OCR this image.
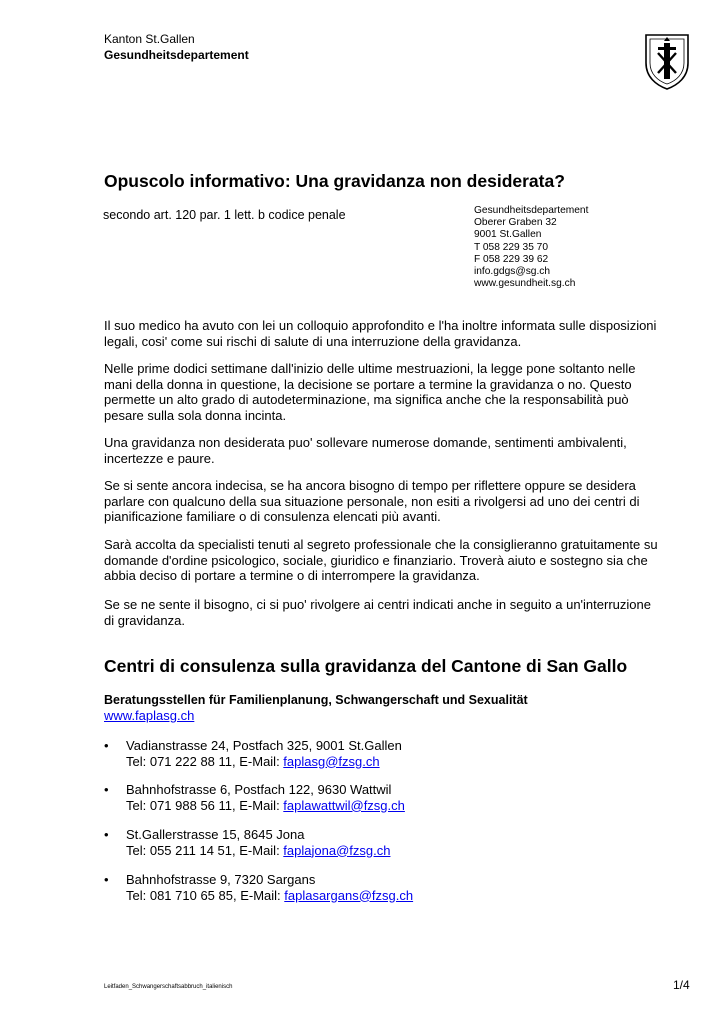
Kanton St.Gallen
Gesundheitsdepartement
Opuscolo informativo: Una gravidanza non desiderata?
secondo art. 120 par. 1 lett. b codice penale	Gesundheitsdepartement
Oberer Graben 32
9001 St.Gallen
T 058 229 35 70
F 058 229 39 62
info.gdgs@sg.ch
www.gesundheit.sg.ch
Il suo medico ha avuto con lei un colloquio approfondito e l'ha inoltre informata sulle disposizioni legali, cosi' come sui rischi di salute di una interruzione della gravidanza.
Nelle prime dodici settimane dall'inizio delle ultime mestruazioni, la legge pone soltanto nelle mani della donna in questione, la decisione se portare a termine la gravidanza o no. Questo permette un alto grado di autodeterminazione, ma significa anche che la responsabilità può pesare sulla sola donna incinta.
Una gravidanza non desiderata puo' sollevare numerose domande, sentimenti ambivalenti, incertezze e paure.
Se si sente ancora indecisa, se ha ancora bisogno di tempo per riflettere oppure se desidera parlare con qualcuno della sua situazione personale, non esiti a rivolgersi ad uno dei centri di pianificazione familiare o di consulenza elencati più avanti.
Sarà accolta da specialisti tenuti al segreto professionale che la consiglieranno gratuitamente su domande d'ordine psicologico, sociale, giuridico e finanziario. Troverà aiuto e sostegno sia che abbia deciso di portare a termine o di interrompere la gravidanza.
Se se ne sente il bisogno, ci si puo' rivolgere ai centri indicati anche in seguito a un'interruzione di gravidanza.
Centri di consulenza sulla gravidanza del Cantone di San Gallo
Beratungsstellen für Familienplanung, Schwangerschaft und Sexualität
www.faplasg.ch
• Vadianstrasse 24, Postfach 325, 9001 St.Gallen
Tel: 071 222 88 11, E-Mail: faplasg@fzsg.ch
• Bahnhofstrasse 6, Postfach 122, 9630 Wattwil
Tel: 071 988 56 11, E-Mail: faplawattwil@fzsg.ch
• St.Gallerstrasse 15, 8645 Jona
Tel: 055 211 14 51, E-Mail: faplajona@fzsg.ch
• Bahnhofstrasse 9, 7320 Sargans
Tel: 081 710 65 85, E-Mail: faplasargans@fzsg.ch
Leitfaden_Schwangerschaftsabbruch_italienisch	1/4
